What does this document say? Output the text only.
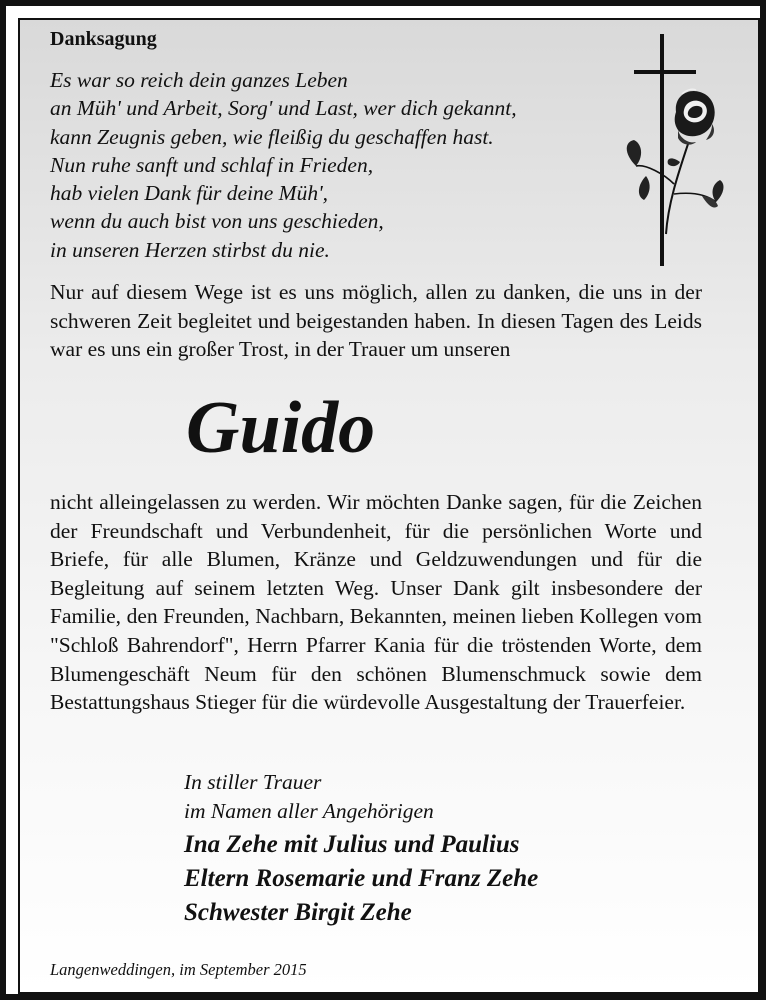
Danksagung
Es war so reich dein ganzes Leben
an Müh' und Arbeit, Sorg' und Last, wer dich gekannt,
kann Zeugnis geben, wie fleißig du geschaffen hast.
Nun ruhe sanft und schlaf in Frieden,
hab vielen Dank für deine Müh',
wenn du auch bist von uns geschieden,
in unseren Herzen stirbst du nie.
Nur auf diesem Wege ist es uns möglich, allen zu danken, die uns in der schweren Zeit begleitet und beigestanden haben. In diesen Tagen des Leids war es uns ein großer Trost, in der Trauer um unseren
Guido
nicht alleingelassen zu werden. Wir möchten Danke sagen, für die Zeichen der Freundschaft und Verbundenheit, für die persönlichen Worte und Briefe, für alle Blumen, Kränze und Geldzuwendungen und für die Begleitung auf seinem letzten Weg. Unser Dank gilt insbesondere der Familie, den Freunden, Nachbarn, Bekannten, meinen lieben Kollegen vom "Schloß Bahrendorf", Herrn Pfarrer Kania für die tröstenden Worte, dem Blumengeschäft Neum für den schönen Blumenschmuck sowie dem Bestattungshaus Stieger für die würdevolle Ausgestaltung der Trauerfeier.
In stiller Trauer
im Namen aller Angehörigen
Ina Zehe mit Julius und Paulius
Eltern Rosemarie und Franz Zehe
Schwester Birgit Zehe
Langenweddingen, im September 2015
